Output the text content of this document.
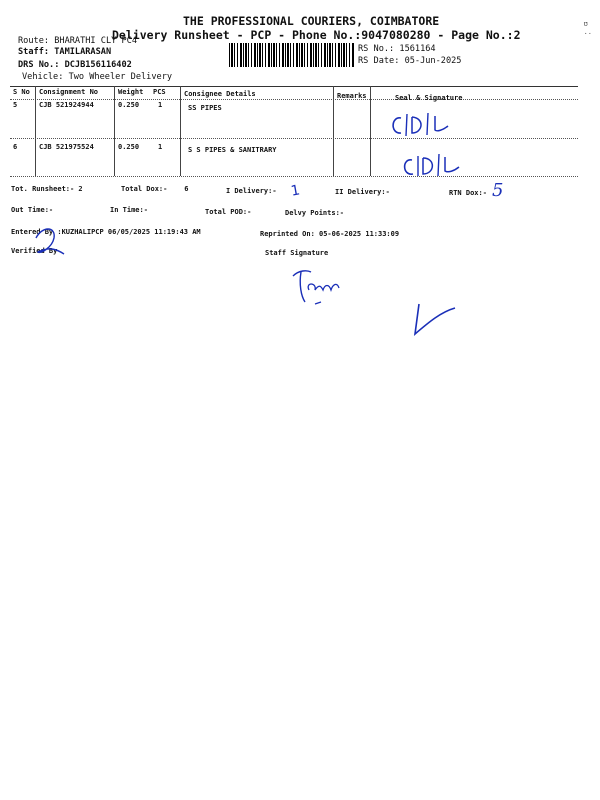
THE PROFESSIONAL COURIERS, COIMBATORE
Delivery Runsheet - PCP - Phone No.:9047080280 - Page No.:2
ʊ
..
Route: BHARATHI CLY PC4
Staff: TAMILARASAN
DRS No.: DCJB156116402
Vehicle: Two Wheeler Delivery
RS No.: 1561164
RS Date: 05-Jun-2025
S No Consignment No	Weight PCS	Consignee Details	Remarks	Seal & Signature
5	CJB 521924944	0.250	1	SS PIPES
6	CJB 521975524	0.250	1	S S PIPES & SANITRARY
Tot. Runsheet:- 2	Total Dox:-    6	I Delivery:-	II Delivery:-	RTN Dox:-
1	5
Out Time:-	In Time:-	Total POD:-	Delvy Points:-
Entered By :KUZHALIPCP 06/05/2025 11:19:43 AM	Reprinted On: 05-06-2025 11:33:09
Verified By	Staff Signature
